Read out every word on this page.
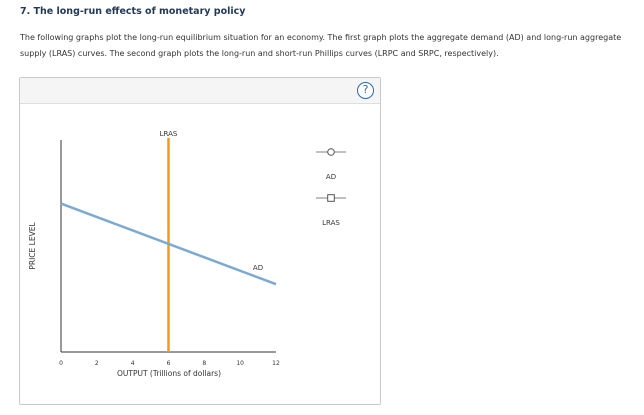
7. The long-run effects of monetary policy
The following graphs plot the long-run equilibrium situation for an economy. The first graph plots the aggregate demand (AD) and long-run aggregate supply (LRAS) curves. The second graph plots the long-run and short-run Phillips curves (LRPC and SRPC, respectively).
?
0	2	4	6	8	10	12
OUTPUT (Trillions of dollars)
PRICE LEVEL
LRAS
AD
AD
LRAS
